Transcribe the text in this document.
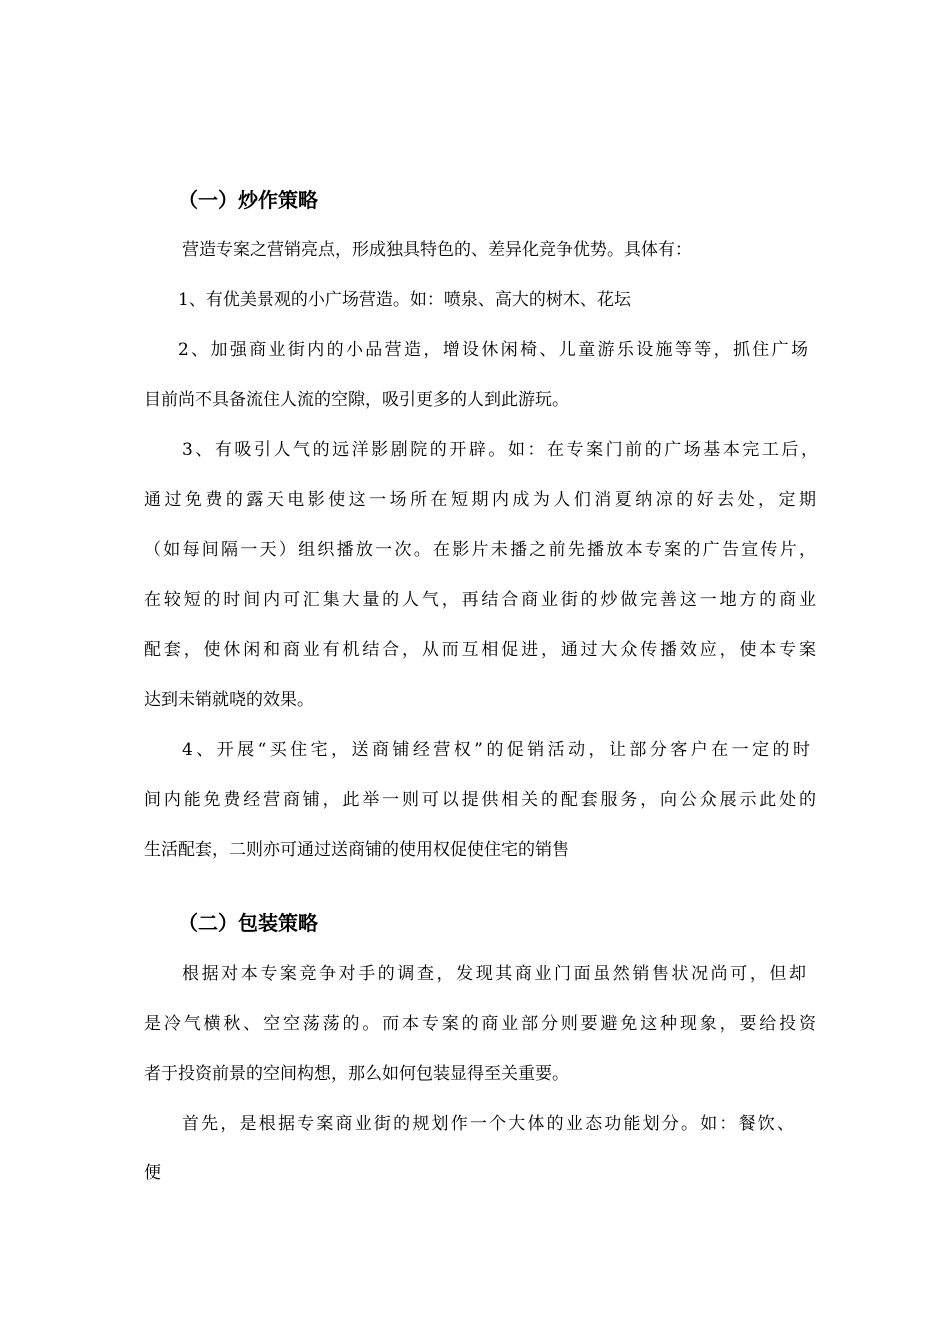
（一）炒作策略

营造专案之营销亮点，形成独具特色的、差异化竞争优势。具体有：

1、有优美景观的小广场营造。如：喷泉、高大的树木、花坛

2、加强商业街内的小品营造，增设休闲椅、儿童游乐设施等等，抓住广场

目前尚不具备流住人流的空隙，吸引更多的人到此游玩。

3、有吸引人气的远洋影剧院的开辟。如：在专案门前的广场基本完工后，

通过免费的露天电影使这一场所在短期内成为人们消夏纳凉的好去处，定期

（如每间隔一天）组织播放一次。在影片未播之前先播放本专案的广告宣传片，

在较短的时间内可汇集大量的人气，再结合商业街的炒做完善这一地方的商业

配套，使休闲和商业有机结合，从而互相促进，通过大众传播效应，使本专案

达到未销就哓的效果。

4、开展“买住宅，送商铺经营权”的促销活动，让部分客户在一定的时

间内能免费经营商铺，此举一则可以提供相关的配套服务，向公众展示此处的

生活配套，二则亦可通过送商铺的使用权促使住宅的销售

（二）包装策略

根据对本专案竞争对手的调查，发现其商业门面虽然销售状况尚可，但却

是冷气横秋、空空荡荡的。而本专案的商业部分则要避免这种现象，要给投资

者于投资前景的空间构想，那么如何包装显得至关重要。

首先，是根据专案商业街的规划作一个大体的业态功能划分。如：餐饮、

便
